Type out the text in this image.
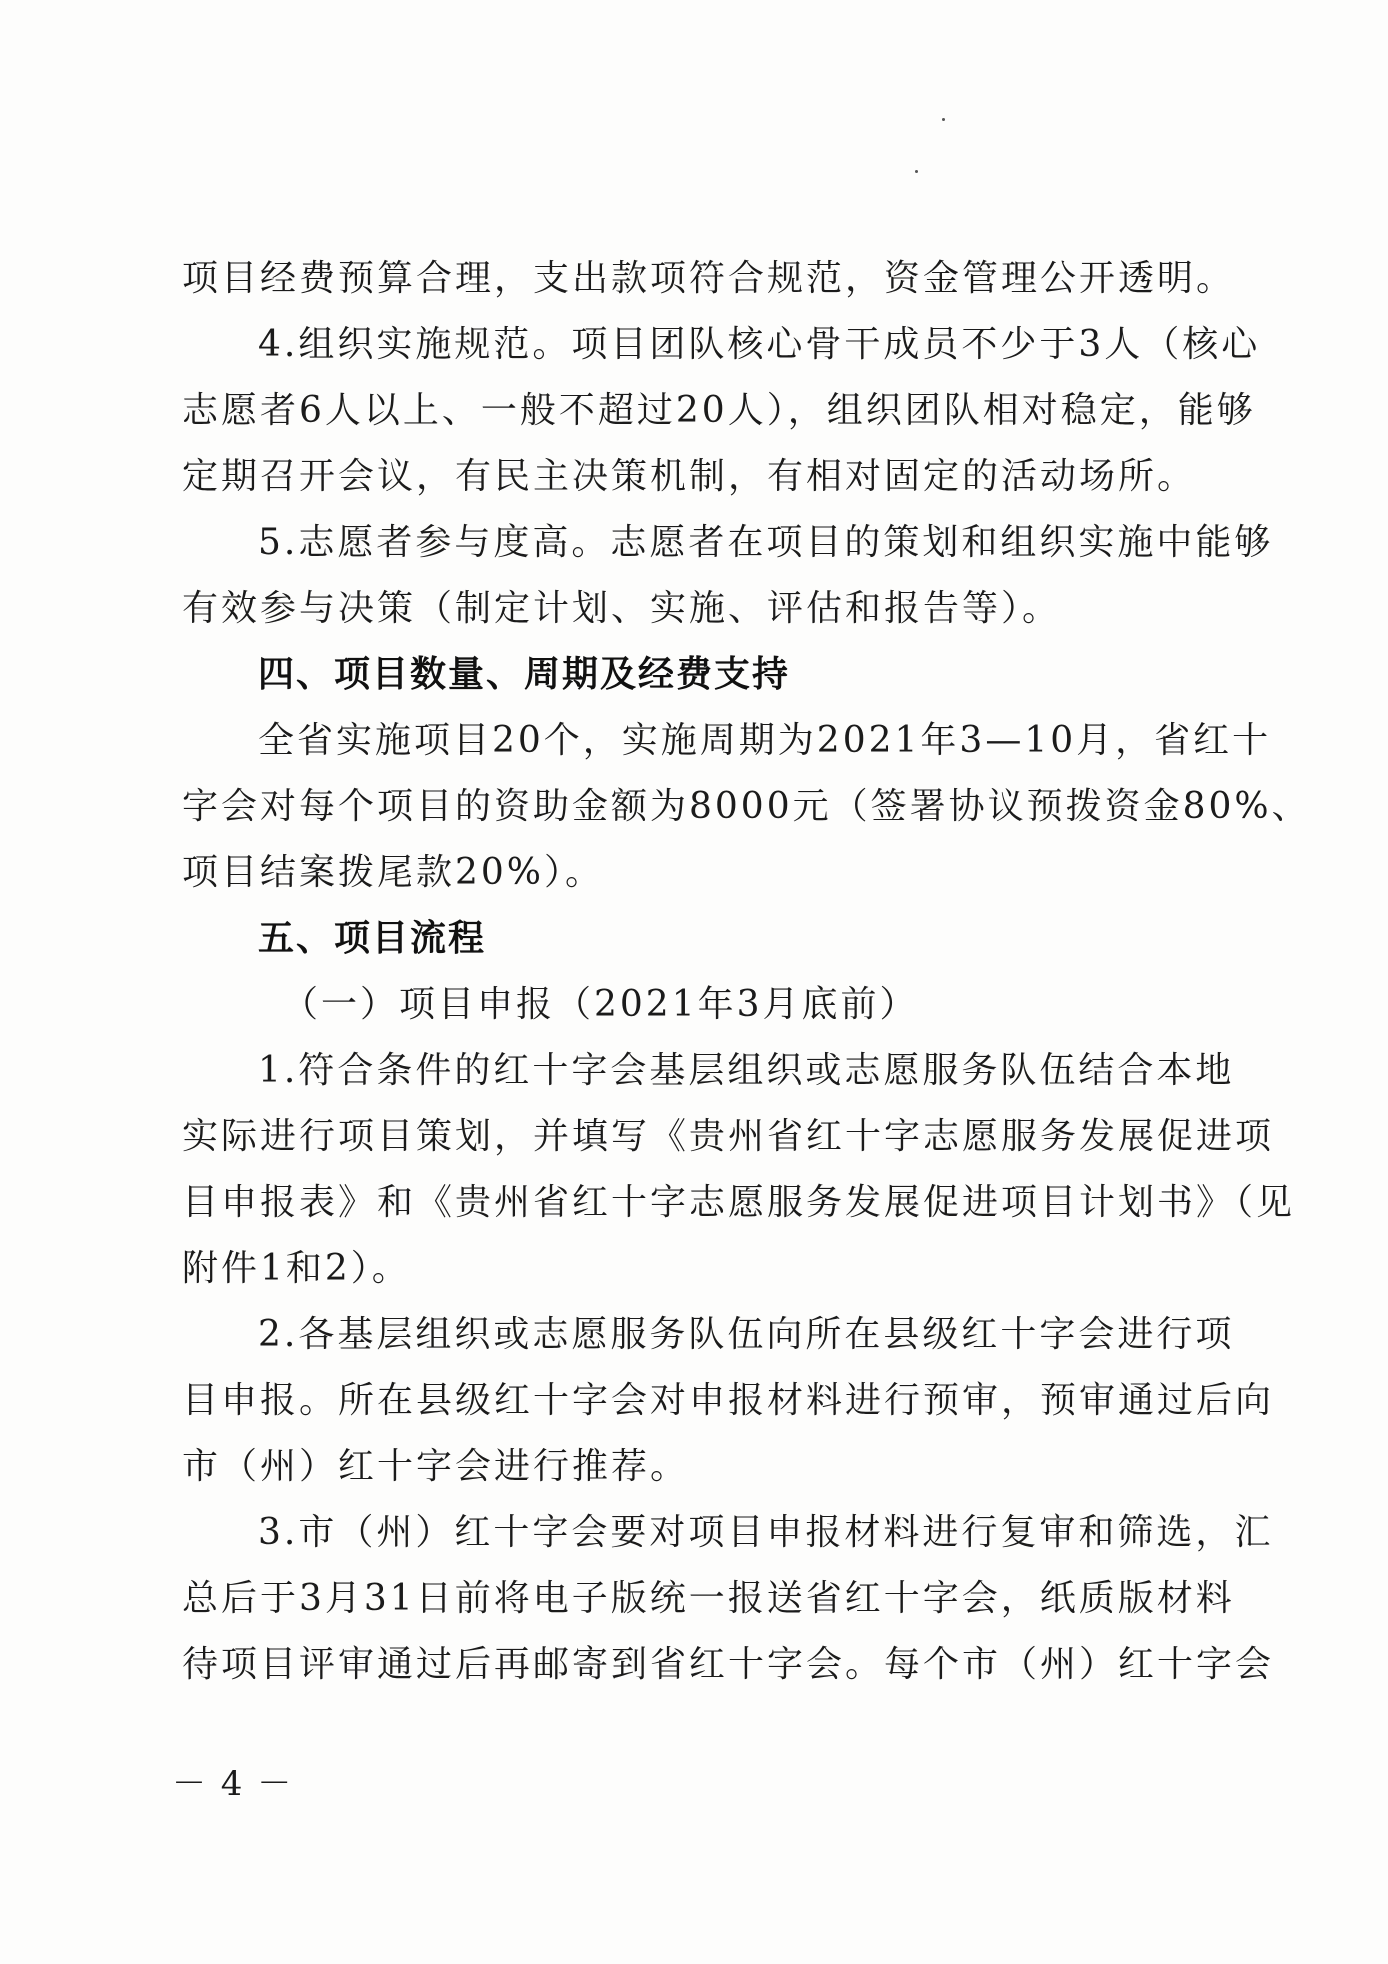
项目经费预算合理，支出款项符合规范，资金管理公开透明。
4.组织实施规范。项目团队核心骨干成员不少于3人（核心
志愿者6人以上、一般不超过20人），组织团队相对稳定，能够
定期召开会议，有民主决策机制，有相对固定的活动场所。
5.志愿者参与度高。志愿者在项目的策划和组织实施中能够
有效参与决策（制定计划、实施、评估和报告等）。
四、项目数量、周期及经费支持
全省实施项目20个，实施周期为2021年3—10月，省红十
字会对每个项目的资助金额为8000元（签署协议预拨资金80%、
项目结案拨尾款20%）。
五、项目流程
（一）项目申报（2021年3月底前）
1.符合条件的红十字会基层组织或志愿服务队伍结合本地
实际进行项目策划，并填写《贵州省红十字志愿服务发展促进项
目申报表》和《贵州省红十字志愿服务发展促进项目计划书》（见
附件1和2）。
2.各基层组织或志愿服务队伍向所在县级红十字会进行项
目申报。所在县级红十字会对申报材料进行预审，预审通过后向
市（州）红十字会进行推荐。
3.市（州）红十字会要对项目申报材料进行复审和筛选，汇
总后于3月31日前将电子版统一报送省红十字会，纸质版材料
待项目评审通过后再邮寄到省红十字会。每个市（州）红十字会
－ 4 －
